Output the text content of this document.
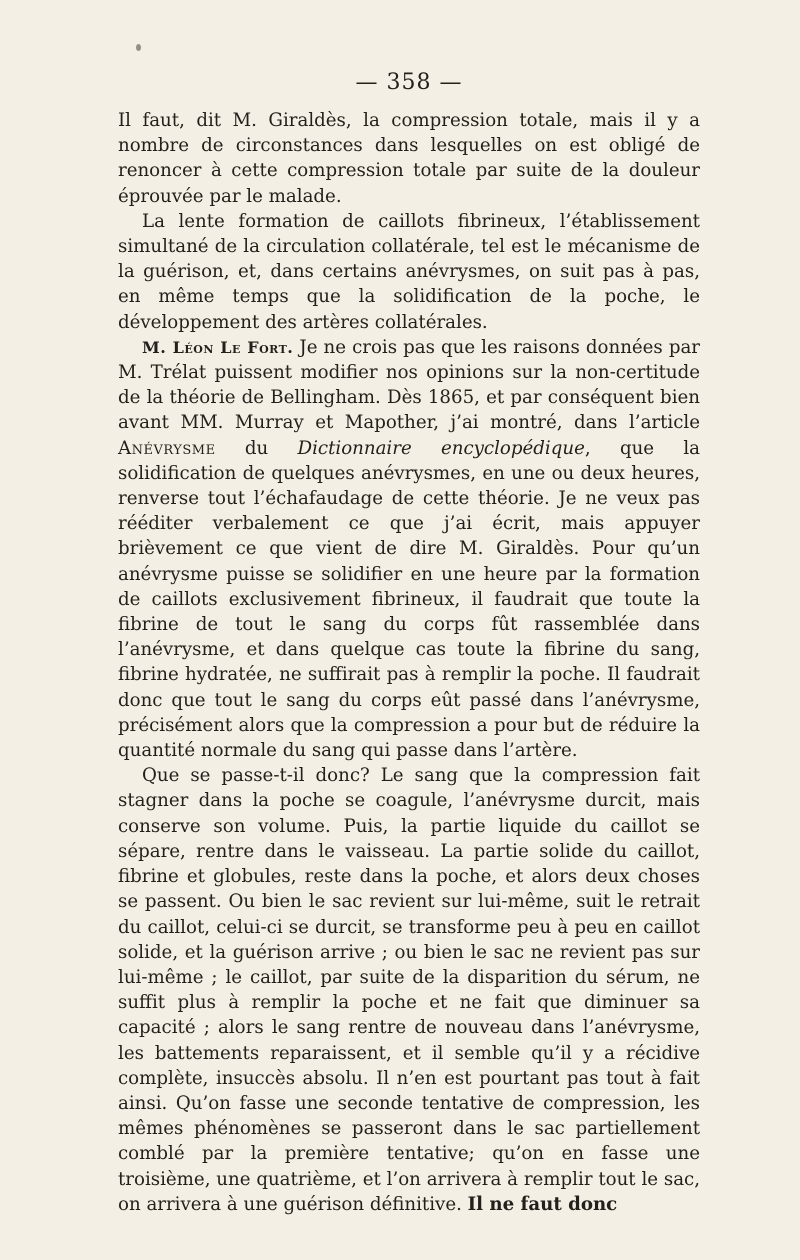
— 358 —

Il faut, dit M. Giraldès, la compression totale, mais il y a nombre de circonstances dans lesquelles on est obligé de renoncer à cette compression totale par suite de la douleur éprouvée par le malade.

La lente formation de caillots fibrineux, l’établissement simultané de la circulation collatérale, tel est le mécanisme de la guérison, et, dans certains anévrysmes, on suit pas à pas, en même temps que la solidification de la poche, le développement des artères collatérales.

M. Léon Le Fort. Je ne crois pas que les raisons données par M. Trélat puissent modifier nos opinions sur la non-certitude de la théorie de Bellingham. Dès 1865, et par conséquent bien avant MM. Murray et Mapother, j’ai montré, dans l’article Anévrysme du Dictionnaire encyclopédique, que la solidification de quelques anévrysmes, en une ou deux heures, renverse tout l’échafaudage de cette théorie. Je ne veux pas rééditer verbalement ce que j’ai écrit, mais appuyer brièvement ce que vient de dire M. Giraldès. Pour qu’un anévrysme puisse se solidifier en une heure par la formation de caillots exclusivement fibrineux, il faudrait que toute la fibrine de tout le sang du corps fût rassemblée dans l’anévrysme, et dans quelque cas toute la fibrine du sang, fibrine hydratée, ne suffirait pas à remplir la poche. Il faudrait donc que tout le sang du corps eût passé dans l’anévrysme, précisément alors que la compression a pour but de réduire la quantité normale du sang qui passe dans l’artère.

Que se passe-t-il donc? Le sang que la compression fait stagner dans la poche se coagule, l’anévrysme durcit, mais conserve son volume. Puis, la partie liquide du caillot se sépare, rentre dans le vaisseau. La partie solide du caillot, fibrine et globules, reste dans la poche, et alors deux choses se passent. Ou bien le sac revient sur lui-même, suit le retrait du caillot, celui-ci se durcit, se transforme peu à peu en caillot solide, et la guérison arrive ; ou bien le sac ne revient pas sur lui-même ; le caillot, par suite de la disparition du sérum, ne suffit plus à remplir la poche et ne fait que diminuer sa capacité ; alors le sang rentre de nouveau dans l’anévrysme, les battements reparaissent, et il semble qu’il y a récidive complète, insuccès absolu. Il n’en est pourtant pas tout à fait ainsi. Qu’on fasse une seconde tentative de compression, les mêmes phénomènes se passeront dans le sac partiellement comblé par la première tentative; qu’on en fasse une troisième, une quatrième, et l’on arrivera à remplir tout le sac, on arrivera à une guérison définitive. Il ne faut donc
